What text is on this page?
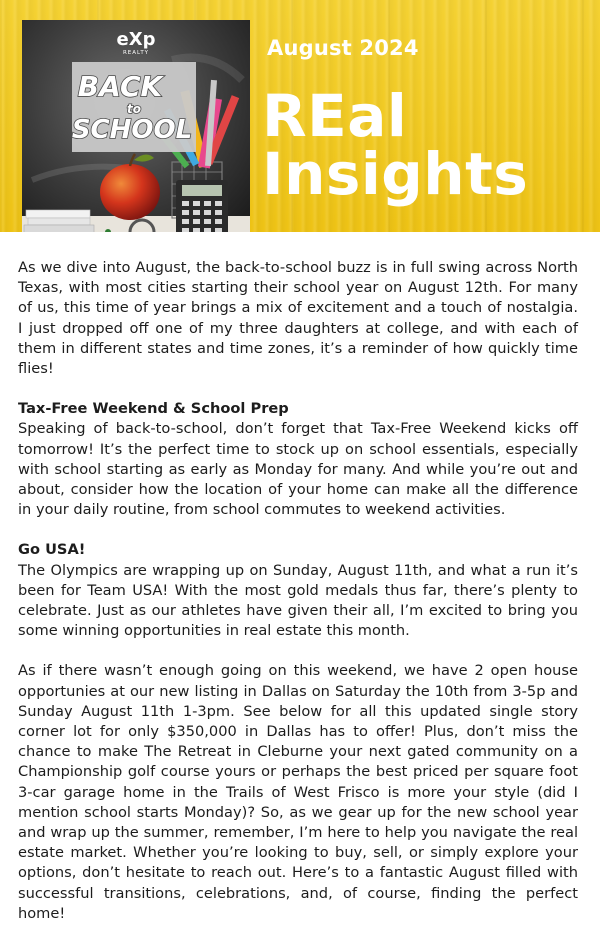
eXp
REALTY
BACK
to
SCHOOL
August 2024
REal
Insights

As we dive into August, the back-to-school buzz is in full swing across North Texas, with most cities starting their school year on August 12th. For many of us, this time of year brings a mix of excitement and a touch of nostalgia. I just dropped off one of my three daughters at college, and with each of them in different states and time zones, it’s a reminder of how quickly time flies!

Tax-Free Weekend & School Prep

Speaking of back-to-school, don’t forget that Tax-Free Weekend kicks off tomorrow! It’s the perfect time to stock up on school essentials, especially with school starting as early as Monday for many. And while you’re out and about, consider how the location of your home can make all the difference in your daily routine, from school commutes to weekend activities.

Go USA!

The Olympics are wrapping up on Sunday, August 11th, and what a run it’s been for Team USA! With the most gold medals thus far, there’s plenty to celebrate. Just as our athletes have given their all, I’m excited to bring you some winning opportunities in real estate this month.

As if there wasn’t enough going on this weekend, we have 2 open house opportunies at our new listing in Dallas on Saturday the 10th from 3-5p and Sunday August 11th 1-3pm. See below for all this updated single story corner lot for only $350,000 in Dallas has to offer! Plus, don’t miss the chance to make The Retreat in Cleburne your next gated community on a Championship golf course yours or perhaps the best priced per square foot 3-car garage home in the Trails of West Frisco is more your style (did I mention school starts Monday)? So, as we gear up for the new school year and wrap up the summer, remember, I’m here to help you navigate the real estate market. Whether you’re looking to buy, sell, or simply explore your options, don’t hesitate to reach out. Here’s to a fantastic August filled with successful transitions, celebrations, and, of course, finding the perfect home!
